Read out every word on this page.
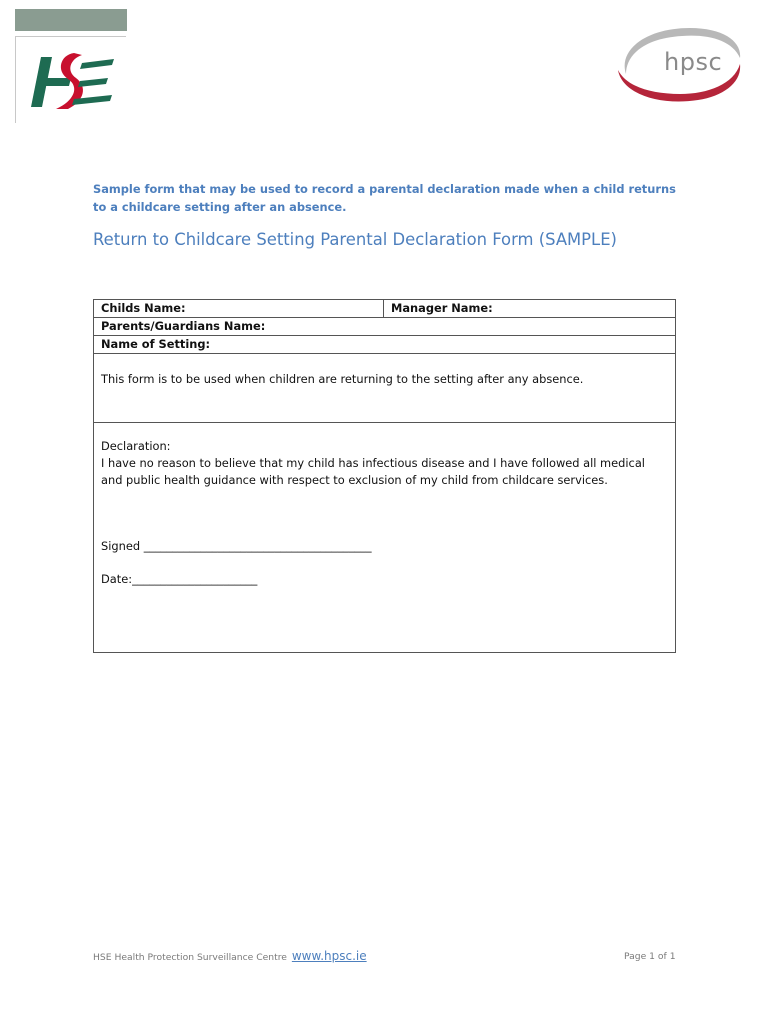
hpsc
Sample form that may be used to record a parental declaration made when a child returns to a childcare setting after an absence.
Return to Childcare Setting Parental Declaration Form (SAMPLE)
Childs Name:	Manager Name:
Parents/Guardians Name:
Name of Setting:
This form is to be used when children are returning to the setting after any absence.
Declaration:
I have no reason to believe that my child has infectious disease and I have followed all medical
and public health guidance with respect to exclusion of my child from childcare services.
Signed ________________________________________
Date:______________________
HSE Health Protection Surveillance Centre www.hpsc.ie	Page 1 of 1
